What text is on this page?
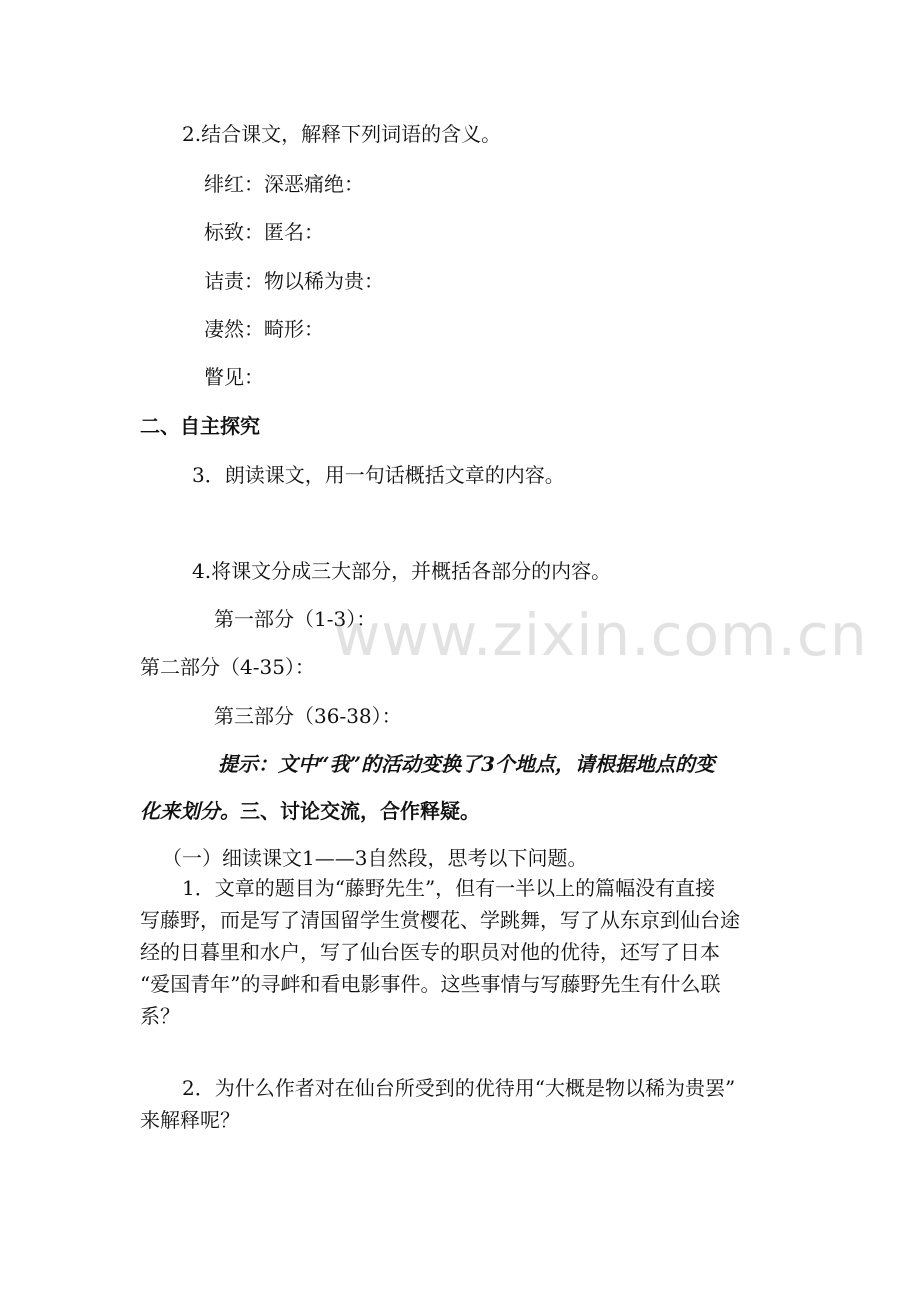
2.结合课文，解释下列词语的含义。
绯红：深恶痛绝：
标致：匿名：
诘责：物以稀为贵：
凄然：畸形：
瞥见：
二、自主探究
3．朗读课文，用一句话概括文章的内容。
4.将课文分成三大部分，并概括各部分的内容。
第一部分（1-3）：
第二部分（4-35）：
第三部分（36-38）：
提示：文中“我”的活动变换了3个地点，请根据地点的变
化来划分。三、讨论交流，合作释疑。
（一）细读课文1——3自然段，思考以下问题。
1．文章的题目为“藤野先生”，但有一半以上的篇幅没有直接
写藤野，而是写了清国留学生赏樱花、学跳舞，写了从东京到仙台途
经的日暮里和水户，写了仙台医专的职员对他的优待，还写了日本
“爱国青年”的寻衅和看电影事件。这些事情与写藤野先生有什么联
系？
2．为什么作者对在仙台所受到的优待用“大概是物以稀为贵罢”
来解释呢？
www.zixin.com.cn
